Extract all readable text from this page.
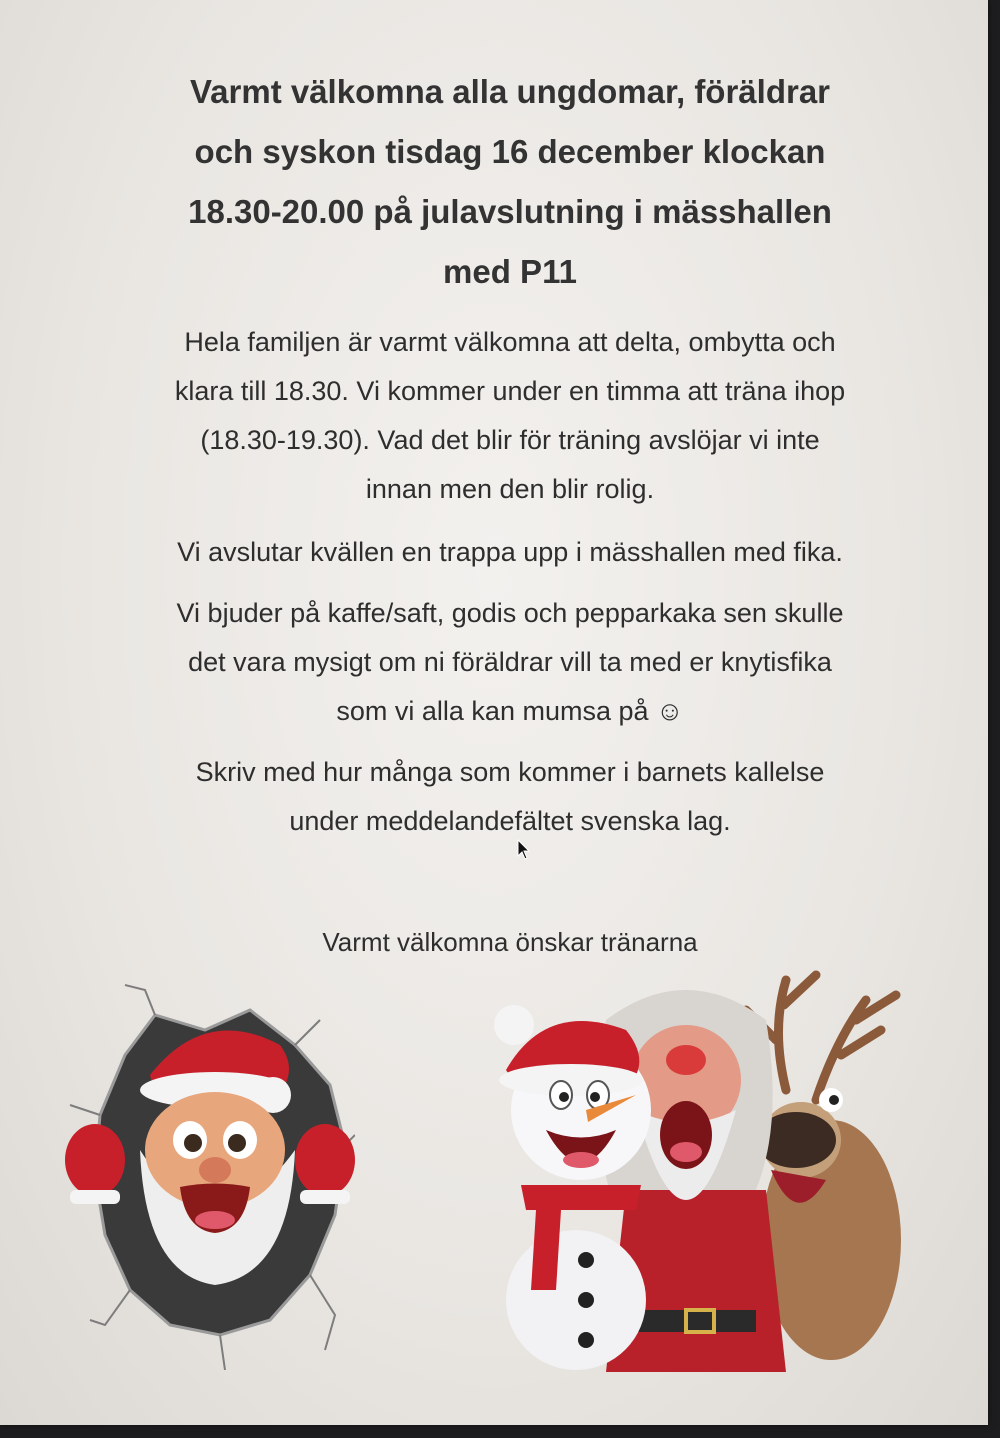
Varmt välkomna alla ungdomar, föräldrar
och syskon tisdag 16 december klockan
18.30-20.00 på julavslutning i mässhallen
med P11
Hela familjen är varmt välkomna att delta, ombytta och
klara till 18.30. Vi kommer under en timma att träna ihop
(18.30-19.30). Vad det blir för träning avslöjar vi inte
innan men den blir rolig.
Vi avslutar kvällen en trappa upp i mässhallen med fika.
Vi bjuder på kaffe/saft, godis och pepparkaka sen skulle
det vara mysigt om ni föräldrar vill ta med er knytisfika
som vi alla kan mumsa på ☺
Skriv med hur många som kommer i barnets kallelse
under meddelandefältet svenska lag.
Varmt välkomna önskar tränarna
